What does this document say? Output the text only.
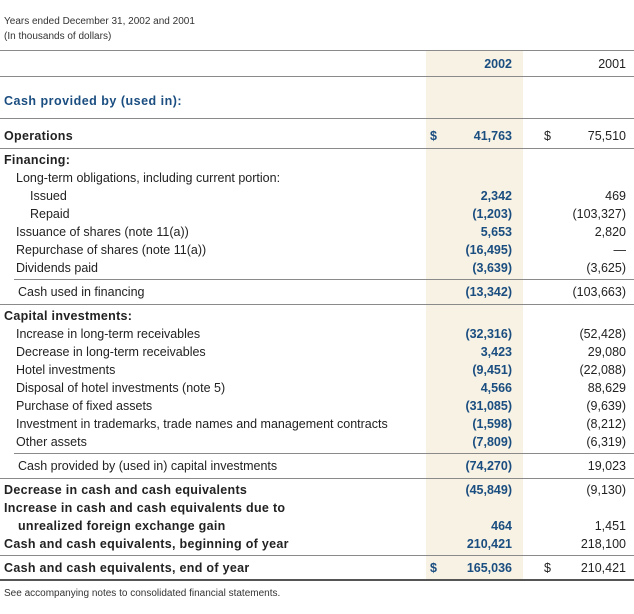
Years ended December 31, 2002 and 2001
(In thousands of dollars)
2002	2001
Cash provided by (used in):
Operations	$	41,763	$	75,510
Financing:
Long-term obligations, including current portion:
Issued	2,342	469
Repaid	(1,203)	(103,327)
Issuance of shares (note 11(a))	5,653	2,820
Repurchase of shares (note 11(a))	(16,495)	—
Dividends paid	(3,639)	(3,625)
Cash used in financing	(13,342)	(103,663)
Capital investments:
Increase in long-term receivables	(32,316)	(52,428)
Decrease in long-term receivables	3,423	29,080
Hotel investments	(9,451)	(22,088)
Disposal of hotel investments (note 5)	4,566	88,629
Purchase of fixed assets	(31,085)	(9,639)
Investment in trademarks, trade names and management contracts	(1,598)	(8,212)
Other assets	(7,809)	(6,319)
Cash provided by (used in) capital investments	(74,270)	19,023
Decrease in cash and cash equivalents	(45,849)	(9,130)
Increase in cash and cash equivalents due to
unrealized foreign exchange gain	464	1,451
Cash and cash equivalents, beginning of year	210,421	218,100
Cash and cash equivalents, end of year	$ 165,036	$ 210,421
See accompanying notes to consolidated financial statements.
